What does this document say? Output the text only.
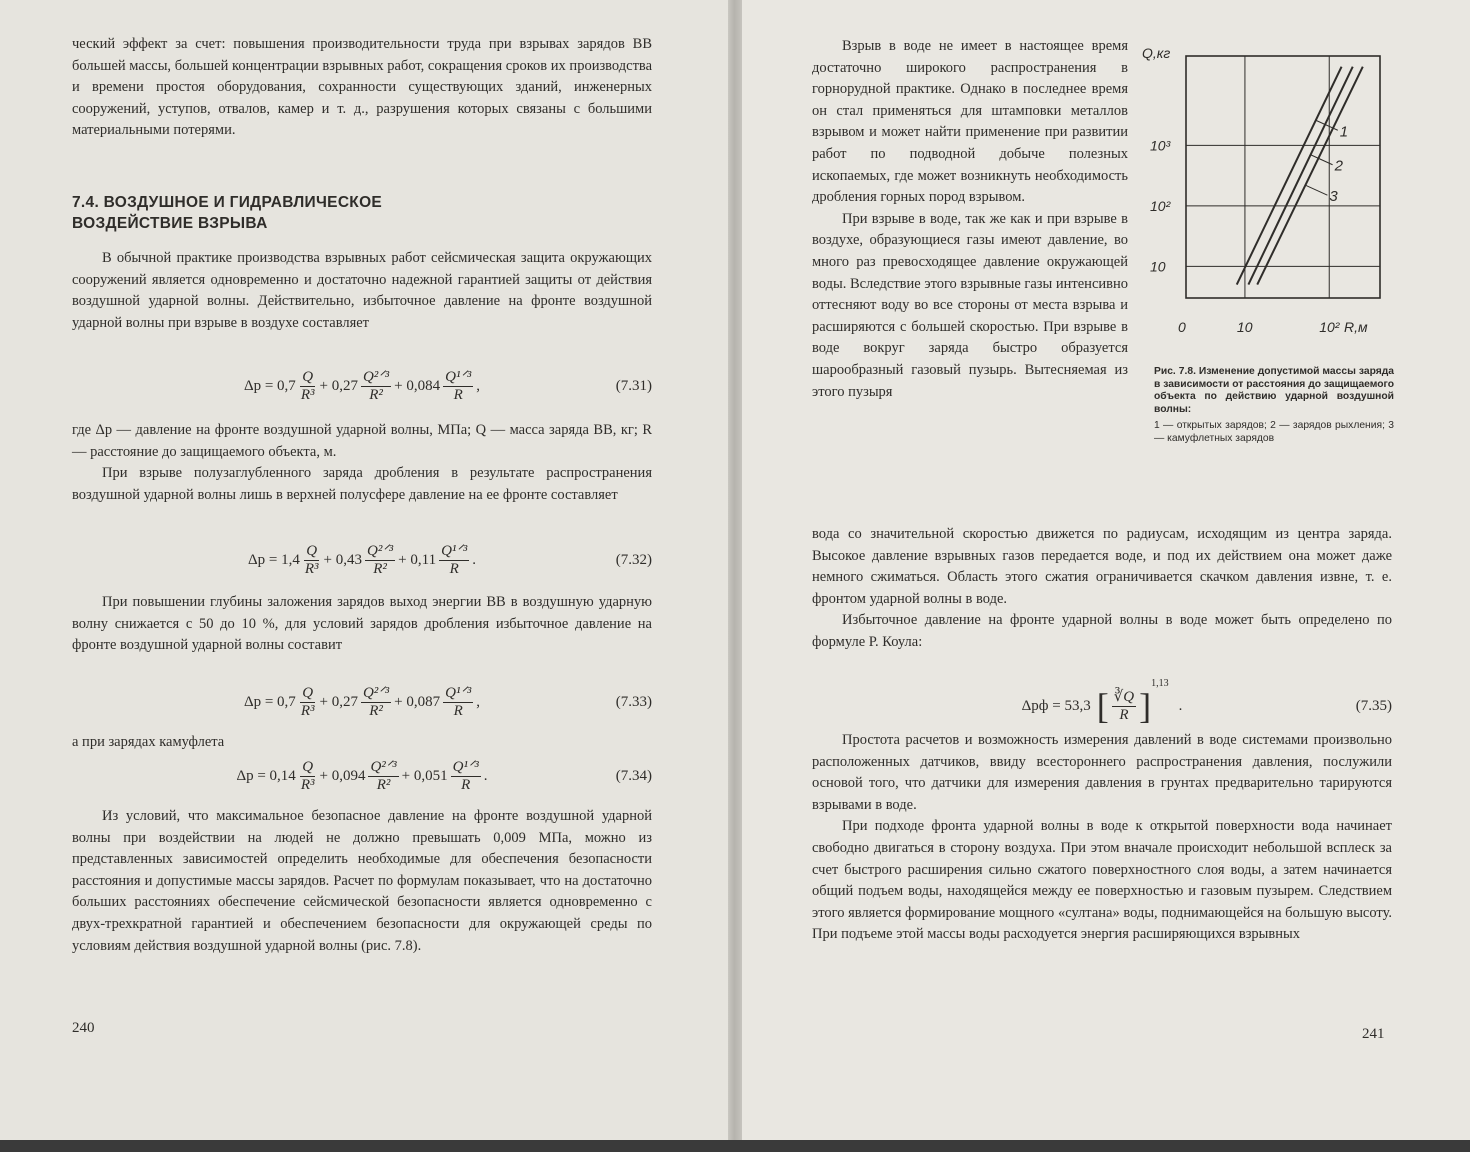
ческий эффект за счет: повышения производительности труда при взрывах зарядов ВВ большей массы, большей концентрации взрывных работ, сокращения сроков их производства и времени простоя оборудования, сохранности существующих зданий, инженерных сооружений, уступов, отвалов, камер и т. д., разрушения которых связаны с большими материальными потерями.

7.4. ВОЗДУШНОЕ И ГИДРАВЛИЧЕСКОЕ
ВОЗДЕЙСТВИЕ ВЗРЫВА

В обычной практике производства взрывных работ сейсмическая защита окружающих сооружений является одновременно и достаточно надежной гарантией защиты от действия воздушной ударной волны. Действительно, избыточное давление на фронте воздушной ударной волны при взрыве в воздухе составляет

$\Delta p = 0,7 \frac{Q}{\text{R³}} + 0,27 \frac{\text{Q²ᐟ³}}{\text{R²}} + 0,084 \frac{\text{Q¹ᐟ³}}{R}$ ,	(7.31)

где Δp — давление на фронте воздушной ударной волны, МПа; Q — масса заряда ВВ, кг; R — расстояние до защищаемого объекта, м.

При взрыве полузаглубленного заряда дробления в результате распространения воздушной ударной волны лишь в верхней полусфере давление на ее фронте составляет

$\Delta p = 1,4 \frac{Q}{\text{R³}} + 0,43 \frac{\text{Q²ᐟ³}}{\text{R²}} + 0,11 \frac{\text{Q¹ᐟ³}}{R}$ .	(7.32)

При повышении глубины заложения зарядов выход энергии ВВ в воздушную ударную волну снижается с 50 до 10 %, для условий зарядов дробления избыточное давление на фронте воздушной ударной волны составит

$\Delta p = 0,7 \frac{Q}{\text{R³}} + 0,27 \frac{\text{Q²ᐟ³}}{\text{R²}} + 0,087 \frac{\text{Q¹ᐟ³}}{R}$ ,	(7.33)

а при зарядах камуфлета

$\Delta p = 0,14 \frac{Q}{\text{R³}} + 0,094 \frac{\text{Q²ᐟ³}}{\text{R²}} + 0,051 \frac{\text{Q¹ᐟ³}}{R}$ .	(7.34)

Из условий, что максимальное безопасное давление на фронте воздушной ударной волны при воздействии на людей не должно превышать 0,009 МПа, можно из представленных зависимостей определить необходимые для обеспечения безопасности расстояния и допустимые массы зарядов. Расчет по формулам показывает, что на достаточно больших расстояниях обеспечение сейсмической безопасности является одновременно с двух-трехкратной гарантией и обеспечением безопасности для окружающей среды по условиям действия воздушной ударной волны (рис. 7.8).

240

Взрыв в воде не имеет в настоящее время достаточно широкого распространения в горнорудной практике. Однако в последнее время он стал применяться для штамповки металлов взрывом и может найти применение при развитии работ по подводной добыче полезных ископаемых, где может возникнуть необходимость дробления горных пород взрывом.

При взрыве в воде, так же как и при взрыве в воздухе, образующиеся газы имеют давление, во много раз превосходящее давление окружающей воды. Вследствие этого взрывные газы интенсивно оттесняют воду во все стороны от места взрыва и расширяются с большей скоростью. При взрыве в воде вокруг заряда быстро образуется шарообразный газовый пузырь. Вытесняемая из этого пузыря

Q,кг
R,м
10
10²
10³
0	10	10²
1
2
3
Рис. 7.8. Изменение допустимой массы заряда в зависимости от расстояния до защищаемого объекта по действию ударной воздушной волны:
1 — открытых зарядов; 2 — зарядов рыхления; 3 — камуфлетных зарядов

вода со значительной скоростью движется по радиусам, исходящим из центра заряда. Высокое давление взрывных газов передается воде, и под их действием она может даже немного сжиматься. Область этого сжатия ограничивается скачком давления извне, т. е. фронтом ударной волны в воде.

Избыточное давление на фронте ударной волны в воде может быть определено по формуле Р. Коула:

Δpф = 53,3 [ $\frac{∛Q}{R}$ ]
$^{1,13}$
.	(7.35)

Простота расчетов и возможность измерения давлений в воде системами произвольно расположенных датчиков, ввиду всестороннего распространения давления, послужили основой того, что датчики для измерения давления в грунтах предварительно тарируются взрывами в воде.

При подходе фронта ударной волны в воде к открытой поверхности вода начинает свободно двигаться в сторону воздуха. При этом вначале происходит небольшой всплеск за счет быстрого расширения сильно сжатого поверхностного слоя воды, а затем начинается общий подъем воды, находящейся между ее поверхностью и газовым пузырем. Следствием этого является формирование мощного «султана» воды, поднимающейся на большую высоту. При подъеме этой массы воды расходуется энергия расширяющихся взрывных

241
